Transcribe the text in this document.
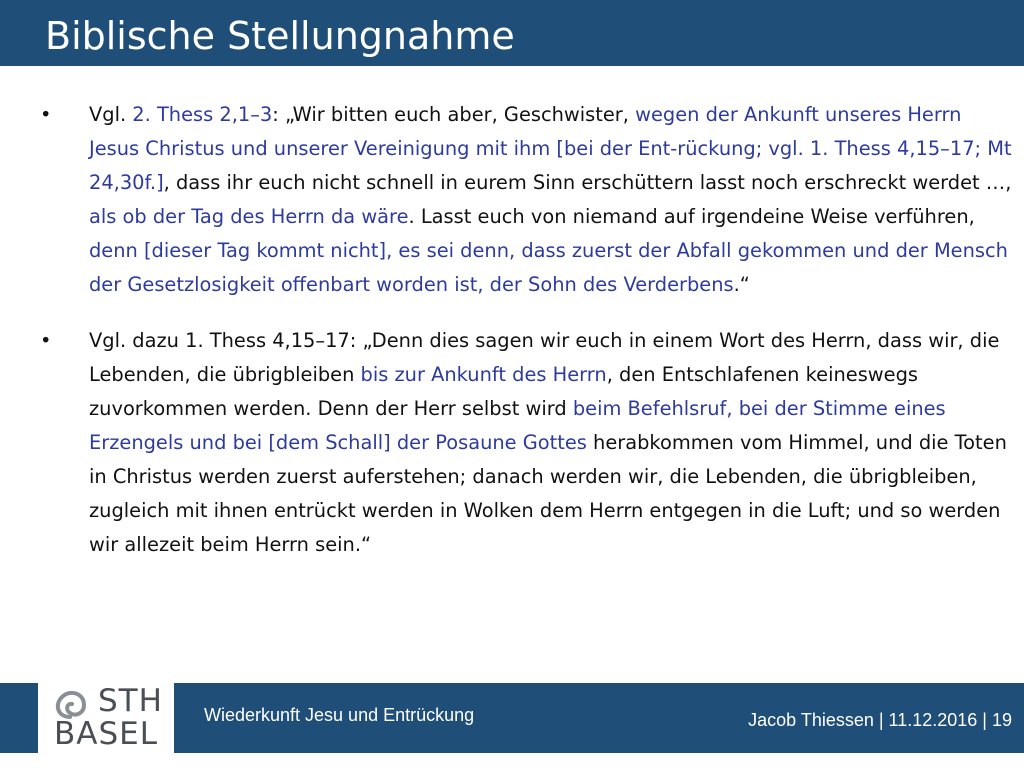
Biblische Stellungnahme
•	Vgl. 2. Thess 2,1–3: „Wir bitten euch aber, Geschwister, wegen der Ankunft unseres Herrn Jesus Christus und unserer Vereinigung mit ihm [bei der Ent-rückung; vgl. 1. Thess 4,15–17; Mt 24,30f.], dass ihr euch nicht schnell in eurem Sinn erschüttern lasst noch erschreckt werdet …, als ob der Tag des Herrn da wäre. Lasst euch von niemand auf irgendeine Weise verführen, denn [dieser Tag kommt nicht], es sei denn, dass zuerst der Abfall gekommen und der Mensch der Gesetzlosigkeit offenbart worden ist, der Sohn des Verderbens.“
•	Vgl. dazu 1. Thess 4,15–17: „Denn dies sagen wir euch in einem Wort des Herrn, dass wir, die Lebenden, die übrigbleiben bis zur Ankunft des Herrn, den Entschlafenen keineswegs zuvorkommen werden. Denn der Herr selbst wird beim Befehlsruf, bei der Stimme eines Erzengels und bei [dem Schall] der Posaune Gottes herabkommen vom Himmel, und die Toten in Christus werden zuerst auferstehen; danach werden wir, die Lebenden, die übrigbleiben, zugleich mit ihnen entrückt werden in Wolken dem Herrn entgegen in die Luft; und so werden wir allezeit beim Herrn sein.“
STH
BASEL
Wiederkunft Jesu und Entrückung	Jacob Thiessen | 11.12.2016 | 19
